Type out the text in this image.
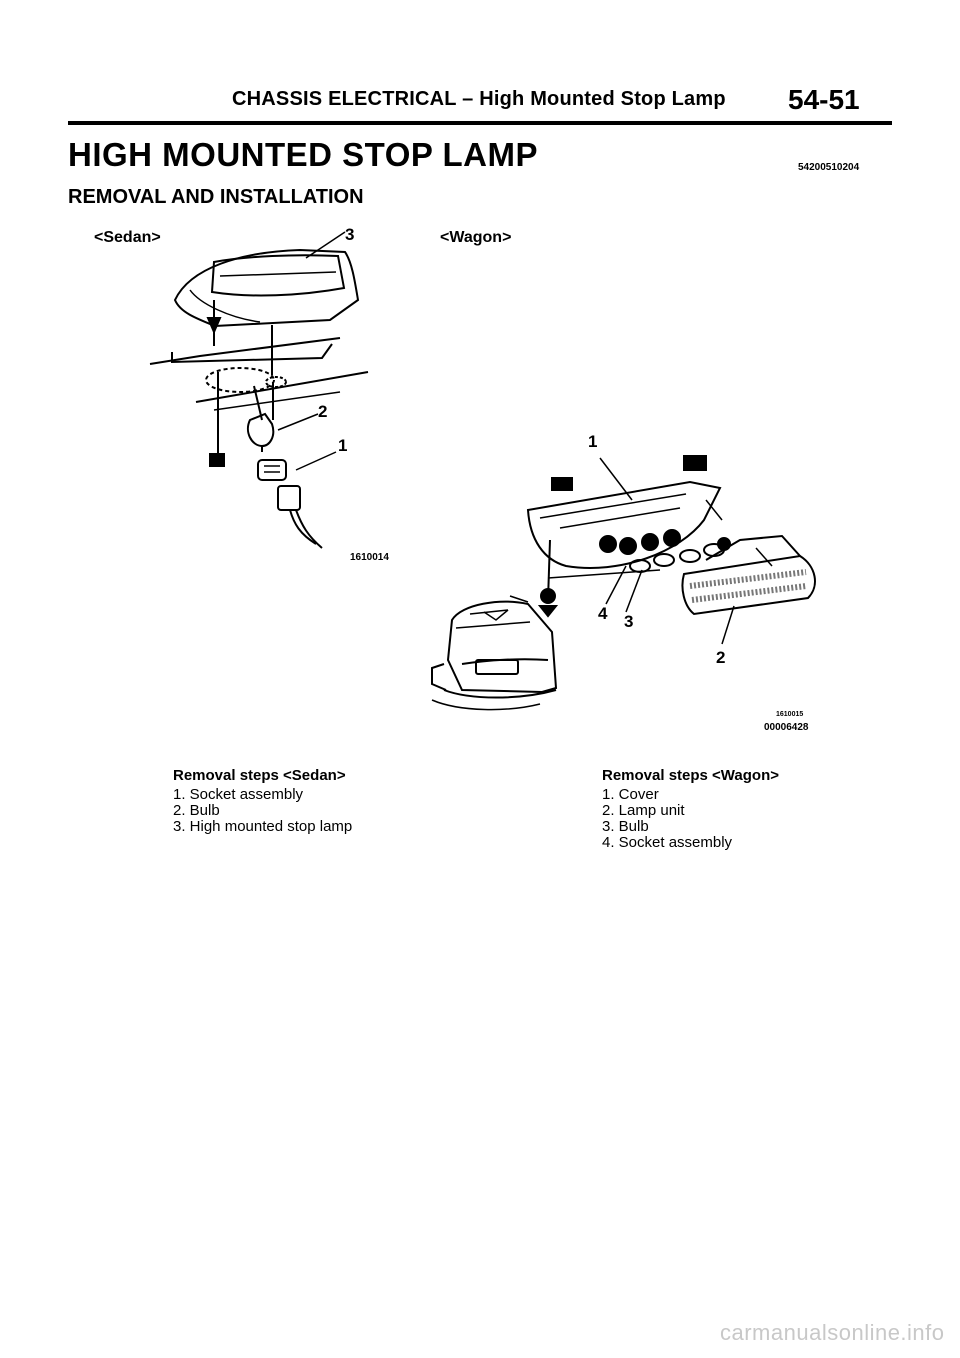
CHASSIS ELECTRICAL – High Mounted Stop Lamp 54-51
HIGH MOUNTED STOP LAMP	54200510204
REMOVAL AND INSTALLATION
<Sedan>	<Wagon>
3
2
1
1610014
1
4 3
2
1610015
00006428
Removal steps <Sedan>
1. Socket assembly
2. Bulb
3. High mounted stop lamp
Removal steps <Wagon>
1. Cover
2. Lamp unit
3. Bulb
4. Socket assembly
carmanualsonline.info
